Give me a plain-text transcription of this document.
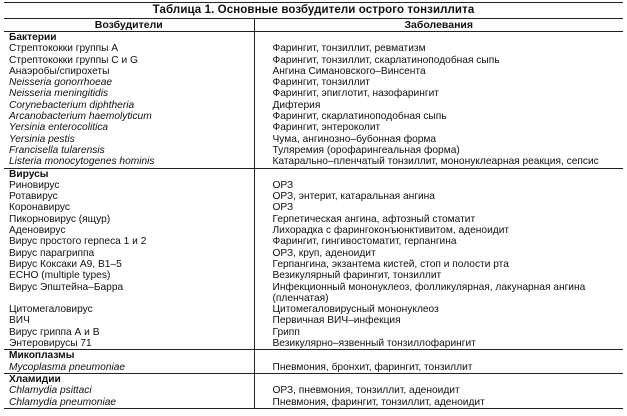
Таблица 1. Основные возбудители острого тонзиллита
Возбудители	Заболевания
Бактерии	
Стрептококки группы А	Фарингит, тонзиллит, ревматизм
Стрептококки группы C и G	Фарингит, тонзиллит, скарлатиноподобная сыпь
Анаэробы/спирохеты	Ангина Симановского–Винсента
Neisseria gonorrhoeae	Фарингит, тонзиллит
Neisseria meningitidis	Фарингит, эпиглотит, назофарингит
Corynebacterium diphtheria	Дифтерия
Arcanobacterium haemolyticum	Фарингит, скарлатиноподобная сыпь
Yersinia enterocolitica	Фарингит, энтероколит
Yersinia pestis	Чума, ангинозно–бубонная форма
Francisella tularensis	Туляремия (орофарингеальная форма)
Listeria monocytogenes hominis	Катарально–пленчатый тонзиллит, мононуклеарная реакция, сепсис
Вирусы	
Риновирус	ОРЗ
Ротавирус	ОРЗ, энтерит, катаральная ангина
Коронавирус	ОРЗ
Пикорновирус (ящур)	Герпетическая ангина, афтозный стоматит
Аденовирус	Лихорадка с фарингоконъюнктивитом, аденоидит
Вирус простого герпеса 1 и 2	Фарингит, гингивостоматит, герпангина
Вирус парагриппа	ОРЗ, круп, аденоидит
Вирус Коксаки А9, В1–5	Герпангина, экзантема кистей, стоп и полости рта
ECHO (multiple types)	Везикулярный фарингит, тонзиллит
Вирус Эпштейна–Барра	Инфекционный мононуклеоз, фолликулярная, лакунарная ангина (пленчатая)
Цитомегаловирус	Цитомегаловирусный мононуклеоз
ВИЧ	Первичная ВИЧ–инфекция
Вирус гриппа А и В	Грипп
Энтеровирусы 71	Везикулярно–язвенный тонзиллофарингит
Микоплазмы	
Mycoplasma pneumoniae	Пневмония, бронхит, фарингит, тонзиллит
Хламидии	
Chlamydia psittaci	ОРЗ, пневмония, тонзиллит, аденоидит
Chlamydia pneumoniae	Пневмония, фарингит, тонзиллит, аденоидит
